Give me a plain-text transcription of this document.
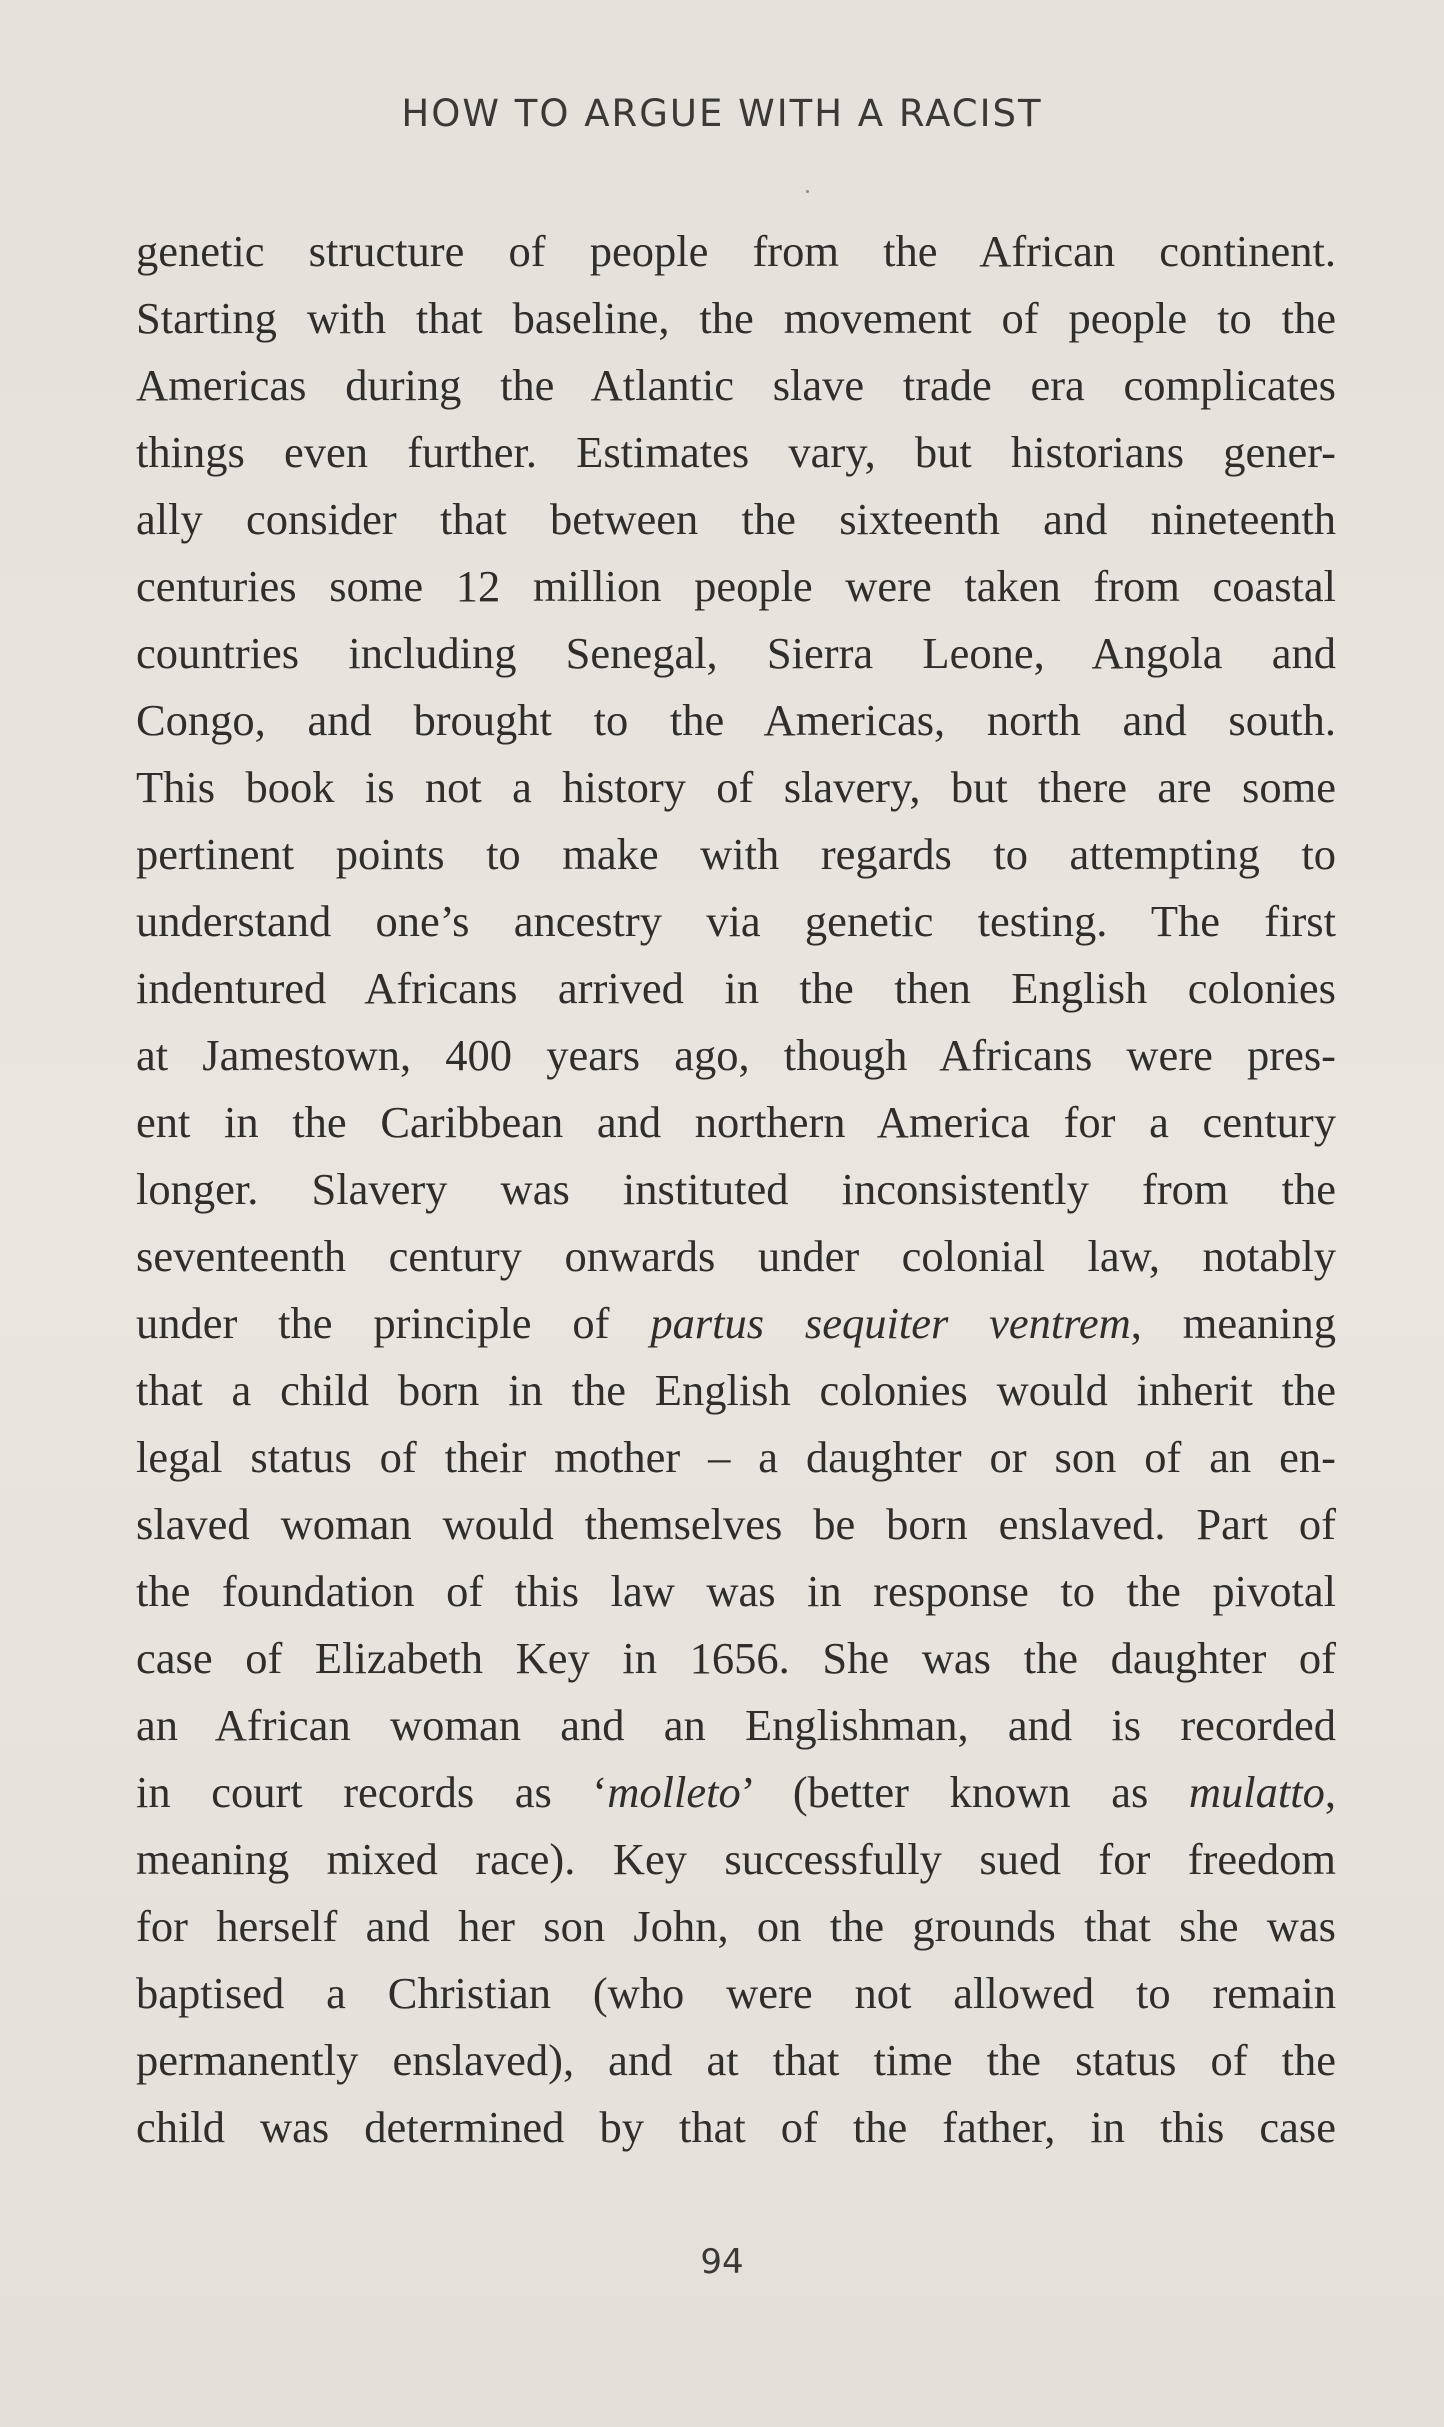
HOW TO ARGUE WITH A RACIST
genetic structure of people from the African continent.
Starting with that baseline, the movement of people to the
Americas during the Atlantic slave trade era complicates
things even further. Estimates vary, but historians gener-
ally consider that between the sixteenth and nineteenth
centuries some 12 million people were taken from coastal
countries including Senegal, Sierra Leone, Angola and
Congo, and brought to the Americas, north and south.
This book is not a history of slavery, but there are some
pertinent points to make with regards to attempting to
understand one’s ancestry via genetic testing. The first
indentured Africans arrived in the then English colonies
at Jamestown, 400 years ago, though Africans were pres-
ent in the Caribbean and northern America for a century
longer. Slavery was instituted inconsistently from the
seventeenth century onwards under colonial law, notably
under the principle of partus sequiter ventrem, meaning
that a child born in the English colonies would inherit the
legal status of their mother – a daughter or son of an en-
slaved woman would themselves be born enslaved. Part of
the foundation of this law was in response to the pivotal
case of Elizabeth Key in 1656. She was the daughter of
an African woman and an Englishman, and is recorded
in court records as ‘molleto’ (better known as mulatto,
meaning mixed race). Key successfully sued for freedom
for herself and her son John, on the grounds that she was
baptised a Christian (who were not allowed to remain
permanently enslaved), and at that time the status of the
child was determined by that of the father, in this case
94
